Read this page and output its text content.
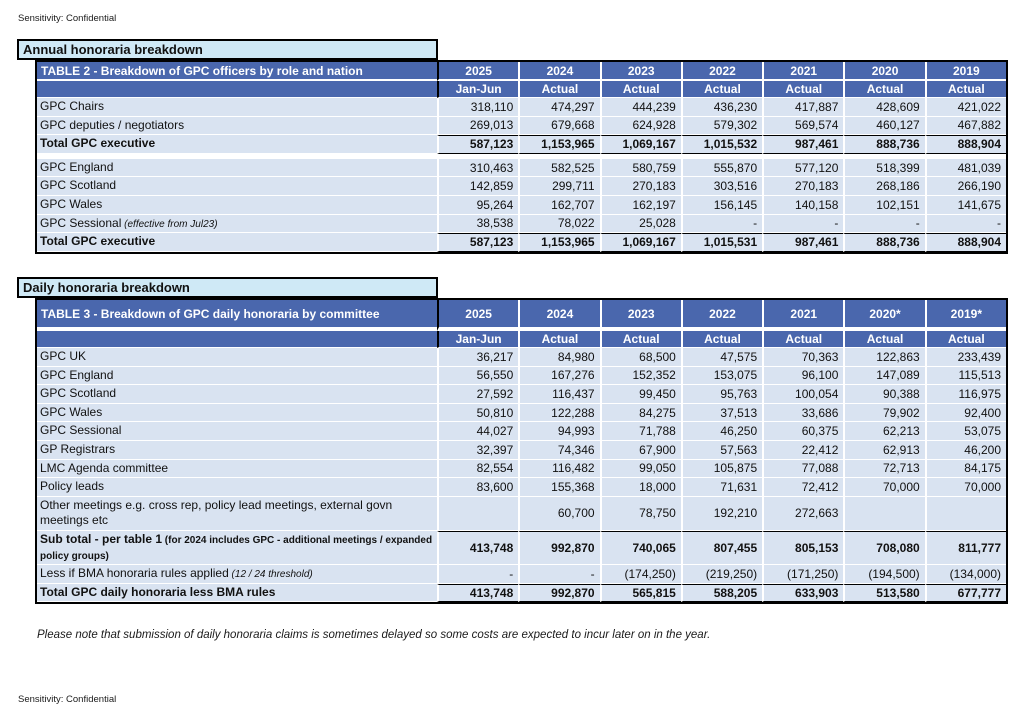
Sensitivity: Confidential
Annual honoraria breakdown
TABLE 2 - Breakdown of GPC officers by role and nation	2025	2024	2023	2022	2021	2020	2019
	Jan-Jun	Actual	Actual	Actual	Actual	Actual	Actual
GPC Chairs	318,110	474,297	444,239	436,230	417,887	428,609	421,022
GPC deputies / negotiators	269,013	679,668	624,928	579,302	569,574	460,127	467,882
Total GPC executive	587,123	1,153,965	1,069,167	1,015,532	987,461	888,736	888,904

GPC England	310,463	582,525	580,759	555,870	577,120	518,399	481,039
GPC Scotland	142,859	299,711	270,183	303,516	270,183	268,186	266,190
GPC Wales	95,264	162,707	162,197	156,145	140,158	102,151	141,675
GPC Sessional (effective from Jul23)	38,538	78,022	25,028	-	-	-	-
Total GPC executive	587,123	1,153,965	1,069,167	1,015,531	987,461	888,736	888,904
Daily honoraria breakdown
TABLE 3 - Breakdown of GPC daily honoraria by committee	2025	2024	2023	2022	2021	2020*	2019*
	Jan-Jun	Actual	Actual	Actual	Actual	Actual	Actual
GPC UK	36,217	84,980	68,500	47,575	70,363	122,863	233,439
GPC England	56,550	167,276	152,352	153,075	96,100	147,089	115,513
GPC Scotland	27,592	116,437	99,450	95,763	100,054	90,388	116,975
GPC Wales	50,810	122,288	84,275	37,513	33,686	79,902	92,400
GPC Sessional	44,027	94,993	71,788	46,250	60,375	62,213	53,075
GP Registrars	32,397	74,346	67,900	57,563	22,412	62,913	46,200
LMC Agenda committee	82,554	116,482	99,050	105,875	77,088	72,713	84,175
Policy leads	83,600	155,368	18,000	71,631	72,412	70,000	70,000
Other meetings e.g. cross rep, policy lead meetings, external govn meetings etc		60,700	78,750	192,210	272,663		
Sub total - per table 1 (for 2024 includes GPC - additional meetings / expanded policy groups)	413,748	992,870	740,065	807,455	805,153	708,080	811,777
Less if BMA honoraria rules applied (12 / 24 threshold)	-	-	(174,250)	(219,250)	(171,250)	(194,500)	(134,000)
Total GPC daily honoraria less BMA rules	413,748	992,870	565,815	588,205	633,903	513,580	677,777
Please note that submission of daily honoraria claims is sometimes delayed so some costs are expected to incur later on in the year.
Sensitivity: Confidential
